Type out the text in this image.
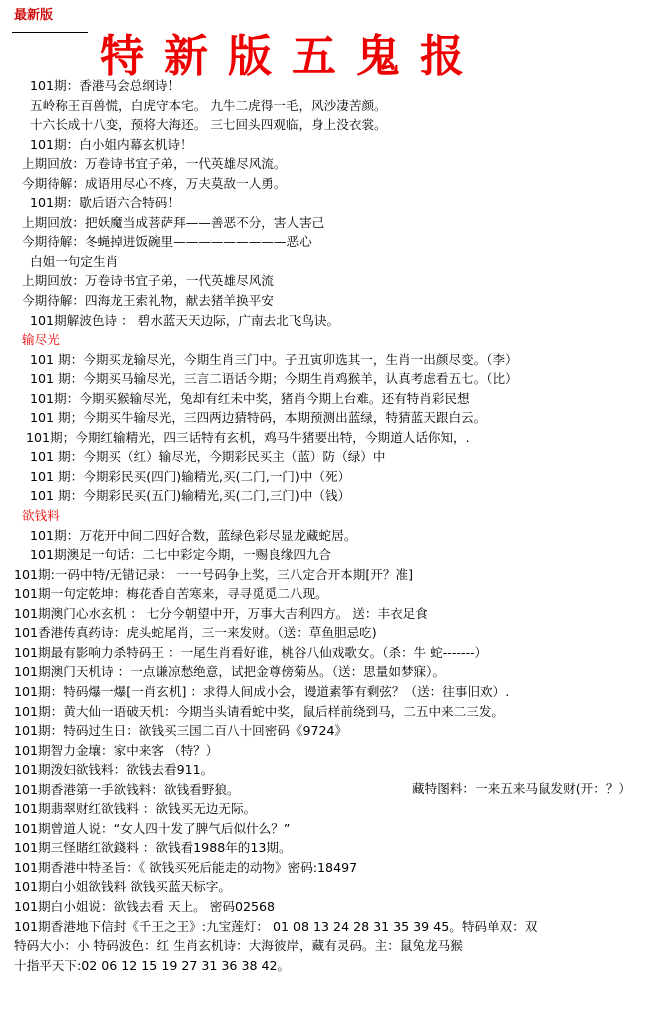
最新版
特新版五鬼报
101期：香港马会总纲诗！
五岭称王百兽慌，白虎守本宅。 九牛二虎得一毛，风沙凄苦颜。
十六长成十八变，预将大海还。 三七回头四观临，身上没衣裳。
101期：白小姐内幕玄机诗！
上期回放：万卷诗书宜子弟，一代英雄尽风流。
今期待解：成语用尽心不疼，万夫莫敌一人勇。
101期：歇后语六合特码！
上期回放：把妖魔当成菩萨拜——善恶不分，害人害己
今期待解：冬蝇掉进饭碗里—————————恶心
白姐一句定生肖
上期回放：万卷诗书宜子弟，一代英雄尽风流
今期待解：四海龙王索礼物，献去猪羊换平安
101期解波色诗 ： 碧水蓝天天边际，广南去北飞鸟诀。
输尽光
101 期：今期买龙输尽光，今期生肖三门中。子丑寅卯选其一，生肖一出颜尽变。（李）
101 期：今期买马输尽光，三言二语话今期；今期生肖鸡猴羊，认真考虑看五七。（比）
101期：今期买猴输尽光，兔却有红未中奖，猪肖今期上台难。还有特肖彩民想
101 期；今期买牛输尽光，三四两边猜特码，本期预测出蓝绿，特猜蓝天跟白云。
101期；今期红输精光，四三话特有玄机，鸡马牛猪要出特，今期道人话你知，.
101 期：今期买（红）输尽光，今期彩民买主（蓝）防（绿）中
101 期：今期彩民买(四门)输精光,买(二门,一门)中（死）
101 期：今期彩民买(五门)输精光,买(二门,三门)中（钱）
欲钱料
101期：万花开中间二四好合数，蓝绿色彩尽显龙藏蛇居。
101期澳足一句话：二七中彩定今期，一赐良缘四九合
101期:一码中特/无错记录： 一一号码争上奖，三八定合开本期[开？准]
101期一句定乾坤：梅花香自苦寒来，寻寻觅觅二八现。
101期澳门心水玄机 ： 七分今朝望中开，万事大吉利四方。 送：丰衣足食
101香港传真药诗：虎头蛇尾肖，三一来发财。（送：草鱼胆忌吃)
101期最有影响力杀特码王 ：一尾生肖看好谁，桃谷八仙戏歌女。（杀：牛 蛇-------）
101期澳门天机诗 ：一点谦凉愁绝意，试把金尊傍菊丛。（送：思量如梦寐）。
101期：特码爆一爆[一肖玄机] ：求得人间成小会，谩道素筝有剩弦？（送：往事旧欢）.
101期：黄大仙一语破天机：今期当头请看蛇中奖，鼠后样前绕到马，二五中来二三发。
101期：特码过生日：欲钱买三国二百八十回密码《9724》
101期智力金壤：家中来客 （特？）
101期泼妇欲钱料：欲钱去看911。
101期香港第一手欲钱料：欲钱看野狼。
101期翡翠财红欲钱料 ：欲钱买无边无际。
101期曾道人说：“女人四十发了脾气后似什么？”
101期三怪賭红欲錢料 ：欲钱看1988年的13期。
101期香港中特圣旨：《 欲钱买死后能走的动物》密码:18497
101期白小姐欲钱料 欲钱买蓝天标字。
101期白小姐说：欲钱去看 天上。 密码02568
101期香港地下信封《千王之王》:九宝莲灯： 01 08 13 24 28 31 35 39 45。特码单双：双
特码大小：小 特码波色：红 生肖玄机诗：大海彼岸，藏有灵码。主：鼠兔龙马猴
十指平天下:02 06 12 15 19 27 31 36 38 42。
藏特图料：一来五来马鼠发财(开：？）
